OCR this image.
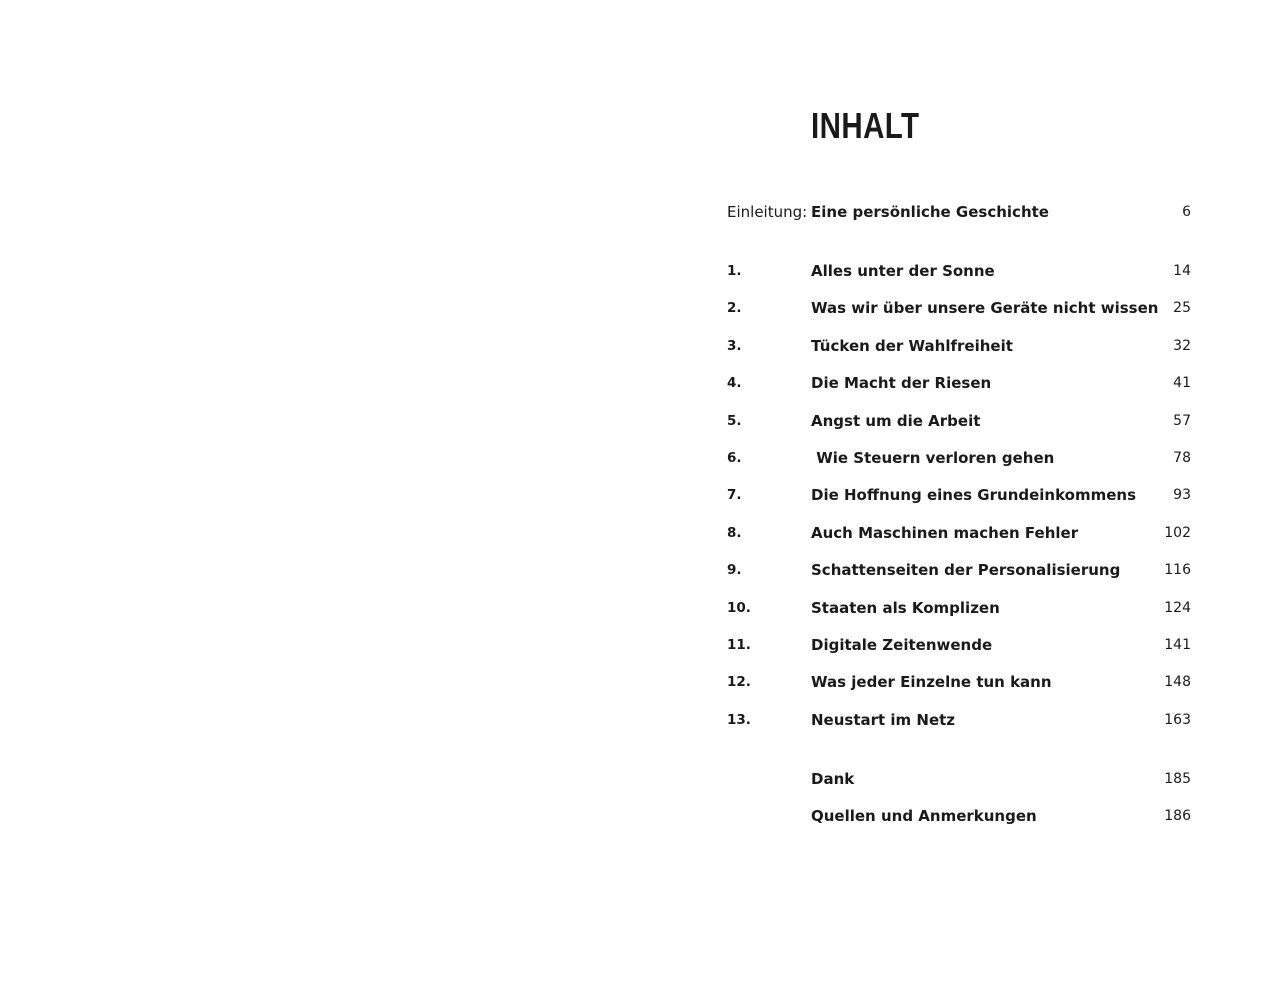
INHALT
Einleitung: Eine persönliche Geschichte	6
1.	Alles unter der Sonne	14
2.	Was wir über unsere Geräte nicht wissen 25
3.	Tücken der Wahlfreiheit	32
4.	Die Macht der Riesen	41
5.	Angst um die Arbeit	57
6.	Wie Steuern verloren gehen	78
7.	Die Hoffnung eines Grundeinkommens	93
8.	Auch Maschinen machen Fehler	102
9.	Schattenseiten der Personalisierung	116
10.	Staaten als Komplizen	124
11.	Digitale Zeitenwende	141
12.	Was jeder Einzelne tun kann	148
13.	Neustart im Netz	163
Dank	185
Quellen und Anmerkungen	186
